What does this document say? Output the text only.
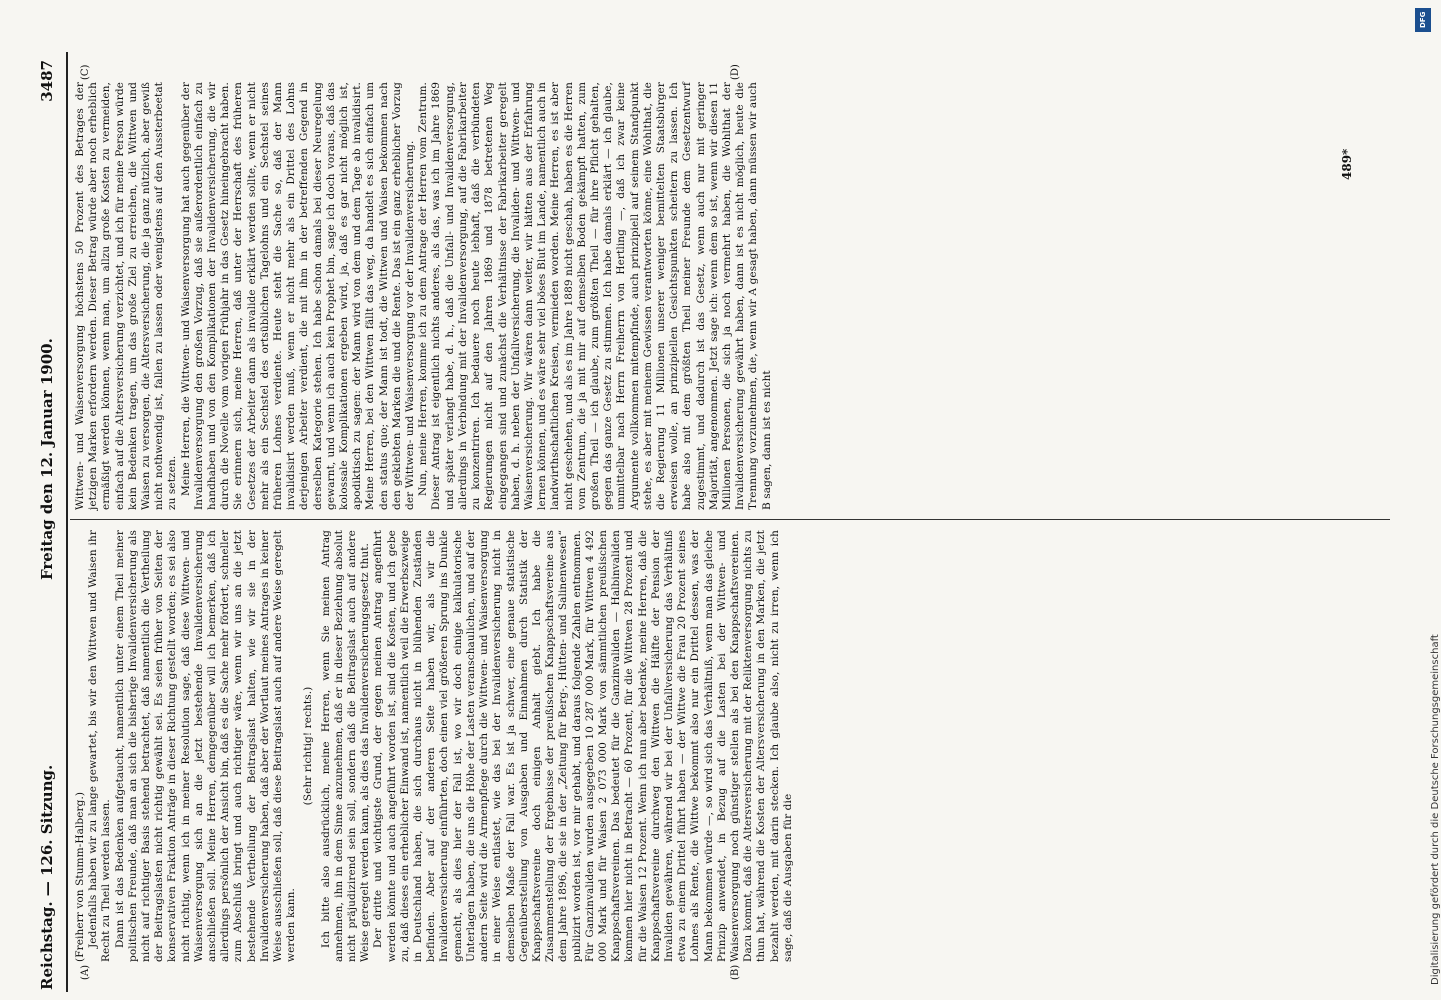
Reichstag. — 126. Sitzung.
Freitag den 12. Januar 1900.
3487
(A)	(B)
(C)	(D)

(Freiherr von Stumm-Halberg.) Jedenfalls haben wir zu lange gewartet, bis wir den Wittwen und Waisen ihr Recht zu Theil werden lassen. Dann ist das Bedenken aufgetaucht, namentlich unter einem Theil meiner politischen Freunde, daß man an sich die bisherige Invalidenversicherung als nicht auf richtiger Basis stehend betrachtet, daß namentlich die Vertheilung der Beitragslasten nicht richtig gewählt sei. Es seien früher von Seiten der konservativen Fraktion Anträge in dieser Richtung gestellt worden; es sei also nicht richtig, wenn ich in meiner Resolution sage, daß diese Wittwen- und Waisenversorgung sich an die jetzt bestehende Invalidenversicherung anschließen soll. Meine Herren, demgegenüber will ich bemerken, daß ich allerdings persönlich der Ansicht bin, daß es die Sache mehr fördert, schneller zum Abschluß bringt und auch richtiger wäre, wenn wir uns an die jetzt bestehende Vertheilung der Beitragslast halten, wie wir sie in der Invalidenversicherung haben, daß aber der Wortlaut meines Antrages in keiner Weise ausschließen soll, daß diese Beitragslast auch auf andere Weise geregelt werden kann.

(Sehr richtig! rechts.) Ich bitte also ausdrücklich, meine Herren, wenn Sie meinen Antrag annehmen, ihn in dem Sinne anzunehmen, daß er in dieser Beziehung absolut nicht präjudizirend sein soll, sondern daß die Beitragslast auch auf andere Weise geregelt werden kann, als dies das Invalidenversicherungsgesetz thut. Der dritte und wichtigste Grund, der gegen meinen Antrag angeführt werden könnte und auch angeführt worden ist, sind die Kosten, und ich gebe zu, daß dieses ein erheblicher Einwand ist, namentlich weil die Erwerbszweige in Deutschland haben, die sich durchaus nicht in blühenden Zuständen befinden. Aber auf der anderen Seite haben wir, als wir die Invalidenversicherung einführten, doch einen viel größeren Sprung ins Dunkle gemacht, als dies hier der Fall ist, wo wir doch einige kalkulatorische Unterlagen haben, die uns die Höhe der Lasten veranschaulichen, und auf der andern Seite wird die Armenpflege durch die Wittwen- und Waisenversorgung in einer Weise entlastet, wie das bei der Invalidenversicherung nicht in demselben Maße der Fall war. Es ist ja schwer, eine genaue statistische Gegenüberstellung von Ausgaben und Einnahmen durch Statistik der Knappschaftsvereine doch einigen Anhalt giebt. Ich habe die Zusammenstellung der Ergebnisse der preußischen Knappschaftsvereine aus dem Jahre 1896, die sie in der „Zeitung für Berg-, Hütten- und Salinenwesen“ publizirt worden ist, vor mir gehabt, und daraus folgende Zahlen entnommen. Für Ganzinvaliden wurden ausgegeben 10 287 000 Mark, für Wittwen 4 492 000 Mark und für Waisen 2 073 000 Mark von sämmtlichen preußischen Knappschaftsvereinen. Das bedeutet für die Ganzinvaliden — Halbinvaliden kommen hier nicht in Betracht — 60 Prozent, für die Wittwen 28 Prozent und für die Waisen 12 Prozent. Wenn ich nun aber bedenke, meine Herren, daß die Knappschaftsvereine durchweg den Wittwen die Hälfte der Pension der Invaliden gewähren, während wir bei der Unfallversicherung das Verhältniß etwa zu einem Drittel führt haben — der Wittwe die Frau 20 Prozent seines Lohnes als Rente, die Wittwe bekommt also nur ein Drittel dessen, was der Mann bekommen würde —, so wird sich das Verhältniß, wenn man das gleiche Prinzip anwendet, in Bezug auf die Lasten bei der Wittwen- und Waisenversorgung noch günstiger stellen als bei den Knappschaftsvereinen. Dazu kommt, daß die Altersversicherung mit der Reliktenversorgung nichts zu thun hat, während die Kosten der Altersversicherung in den Marken, die jetzt bezahlt werden, mit darin stecken. Ich glaube also, nicht zu irren, wenn ich sage, daß die Ausgaben für die

Wittwen- und Waisenversorgung höchstens 50 Prozent des Betrages der jetzigen Marken erfordern werden. Dieser Betrag würde aber noch erheblich ermäßigt werden können, wenn man, um allzu große Kosten zu vermeiden, einfach auf die Altersversicherung verzichtet, und ich für meine Person würde kein Bedenken tragen, um das große Ziel zu erreichen, die Wittwen und Waisen zu versorgen, die Altersversicherung, die ja ganz nützlich, aber gewiß nicht nothwendig ist, fallen zu lassen oder wenigstens auf den Aussterbeetat zu setzen. Meine Herren, die Wittwen- und Waisenversorgung hat auch gegenüber der Invalidenversorgung den großen Vorzug, daß sie außerordentlich einfach zu handhaben und von den Komplikationen der Invalidenversicherung, die wir durch die Novelle vom vorigen Frühjahr in das Gesetz hineingebracht haben. Sie erinnern sich, meine Herren, daß unter der Herrschaft des früheren Gesetzes der Arbeiter dann als invalide erklärt werden sollte, wenn er nicht mehr als ein Sechstel des ortsüblichen Tagelohns und ein Sechstel seines früheren Lohnes verdiente. Heute steht die Sache so, daß der Mann invalidisirt werden muß, wenn er nicht mehr als ein Drittel des Lohns derjenigen Arbeiter verdient, die mit ihm in der betreffenden Gegend in derselben Kategorie stehen. Ich habe schon damals bei dieser Neuregelung gewarnt, und wenn ich auch kein Prophet bin, sage ich doch voraus, daß das kolossale Komplikationen ergeben wird, ja, daß es gar nicht möglich ist, apodiktisch zu sagen: der Mann wird von dem und dem Tage ab invalidisirt. Meine Herren, bei den Wittwen fällt das weg, da handelt es sich einfach um den status quo; der Mann ist todt, die Wittwen und Waisen bekommen nach den geklebten Marken die und die Rente. Das ist ein ganz erheblicher Vorzug der Wittwen- und Waisenversorgung vor der Invalidenversicherung. Nun, meine Herren, komme ich zu dem Antrage der Herren vom Zentrum. Dieser Antrag ist eigentlich nichts anderes, als das, was ich im Jahre 1869 und später verlangt habe, d. h., daß die Unfall- und Invalidenversorgung, allerdings in Verbindung mit der Invalidenversorgung, auf die Fabrikarbeiter zu konzentriren. Ich bedauere noch heute lebhaft, daß die verbündeten Regierungen nicht auf den Jahren 1869 und 1878 betretenen Weg eingegangen sind und zunächst die Verhältnisse der Fabrikarbeiter geregelt haben, d. h. neben der Unfallversicherung, die Invaliden- und Wittwen- und Waisenversicherung. Wir wären dann weiter, wir hätten aus der Erfahrung lernen können, und es wäre sehr viel böses Blut im Lande, namentlich auch in landwirthschaftlichen Kreisen, vermieden worden. Meine Herren, es ist aber nicht geschehen, und als es im Jahre 1889 nicht geschah, haben es die Herren vom Zentrum, die ja mit mir auf demselben Boden gekämpft hatten, zum großen Theil — ich glaube, zum größten Theil — für ihre Pflicht gehalten, gegen das ganze Gesetz zu stimmen. Ich habe damals erklärt — ich glaube, unmittelbar nach Herrn Freiherrn von Hertling —, daß ich zwar keine Argumente vollkommen mitempfinde, auch prinzipiell auf seinem Standpunkt stehe, es aber mit meinem Gewissen verantworten könne, eine Wohlthat, die die Regierung 11 Millionen unserer weniger bemittelten Staatsbürger erweisen wolle, an prinzipiellen Gesichtspunkten scheitern zu lassen. Ich habe also mit dem größten Theil meiner Freunde dem Gesetzentwurf zugestimmt, und dadurch ist das Gesetz, wenn auch nur mit geringer Majorität, angenommen. Jetzt sage ich: wenn dem so ist, wenn wir diesen 11 Millionen Personen, die sich ja noch vermehrt haben, die Wohlthat der Invalidenversicherung gewährt haben, dann ist es nicht möglich, heute die Trennung vorzunehmen, die, wenn wir A gesagt haben, dann müssen wir auch B sagen, dann ist es nicht

489*
DFG
Digitalisierung gefördert durch die Deutsche Forschungsgemeinschaft
